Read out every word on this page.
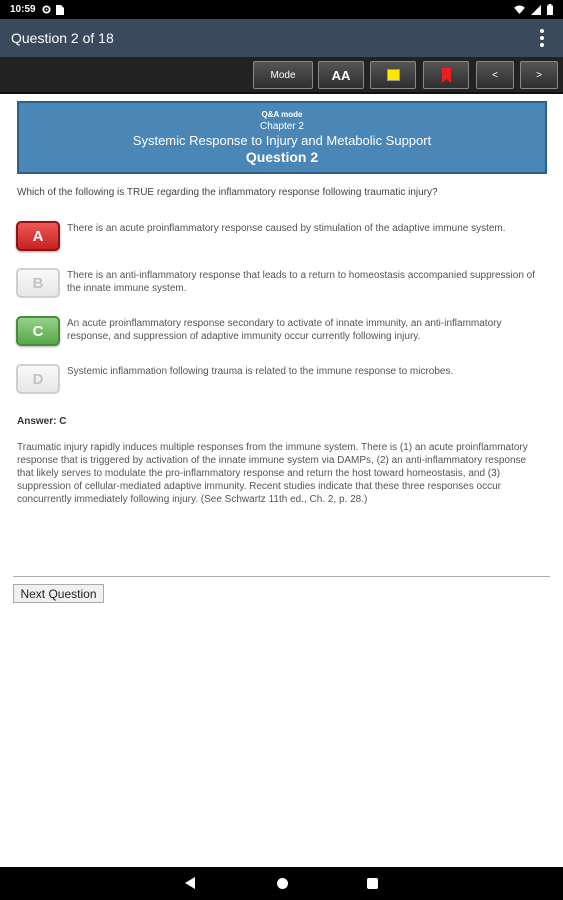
10:59
Question 2 of 18
Mode	AA	<	>
Q&A mode
Chapter 2
Systemic Response to Injury and Metabolic Support
Question 2
Which of the following is TRUE regarding the inflammatory response following traumatic injury?
A	There is an acute proinflammatory response caused by stimulation of the adaptive immune system.
B	There is an anti-inflammatory response that leads to a return to homeostasis accompanied suppression of the innate immune system.
C	An acute proinflammatory response secondary to activate of innate immunity, an anti-inflammatory response, and suppression of adaptive immunity occur currently following injury.
D	Systemic inflammation following trauma is related to the immune response to microbes.
Answer: C
Traumatic injury rapidly induces multiple responses from the immune system. There is (1) an acute proinflammatory response that is triggered by activation of the innate immune system via DAMPs, (2) an anti-inflammatory response that likely serves to modulate the pro-inflammatory response and return the host toward homeostasis, and (3) suppression of cellular-mediated adaptive immunity. Recent studies indicate that these three responses occur concurrently immediately following injury. (See Schwartz 11th ed., Ch. 2, p. 28.)
Next Question
